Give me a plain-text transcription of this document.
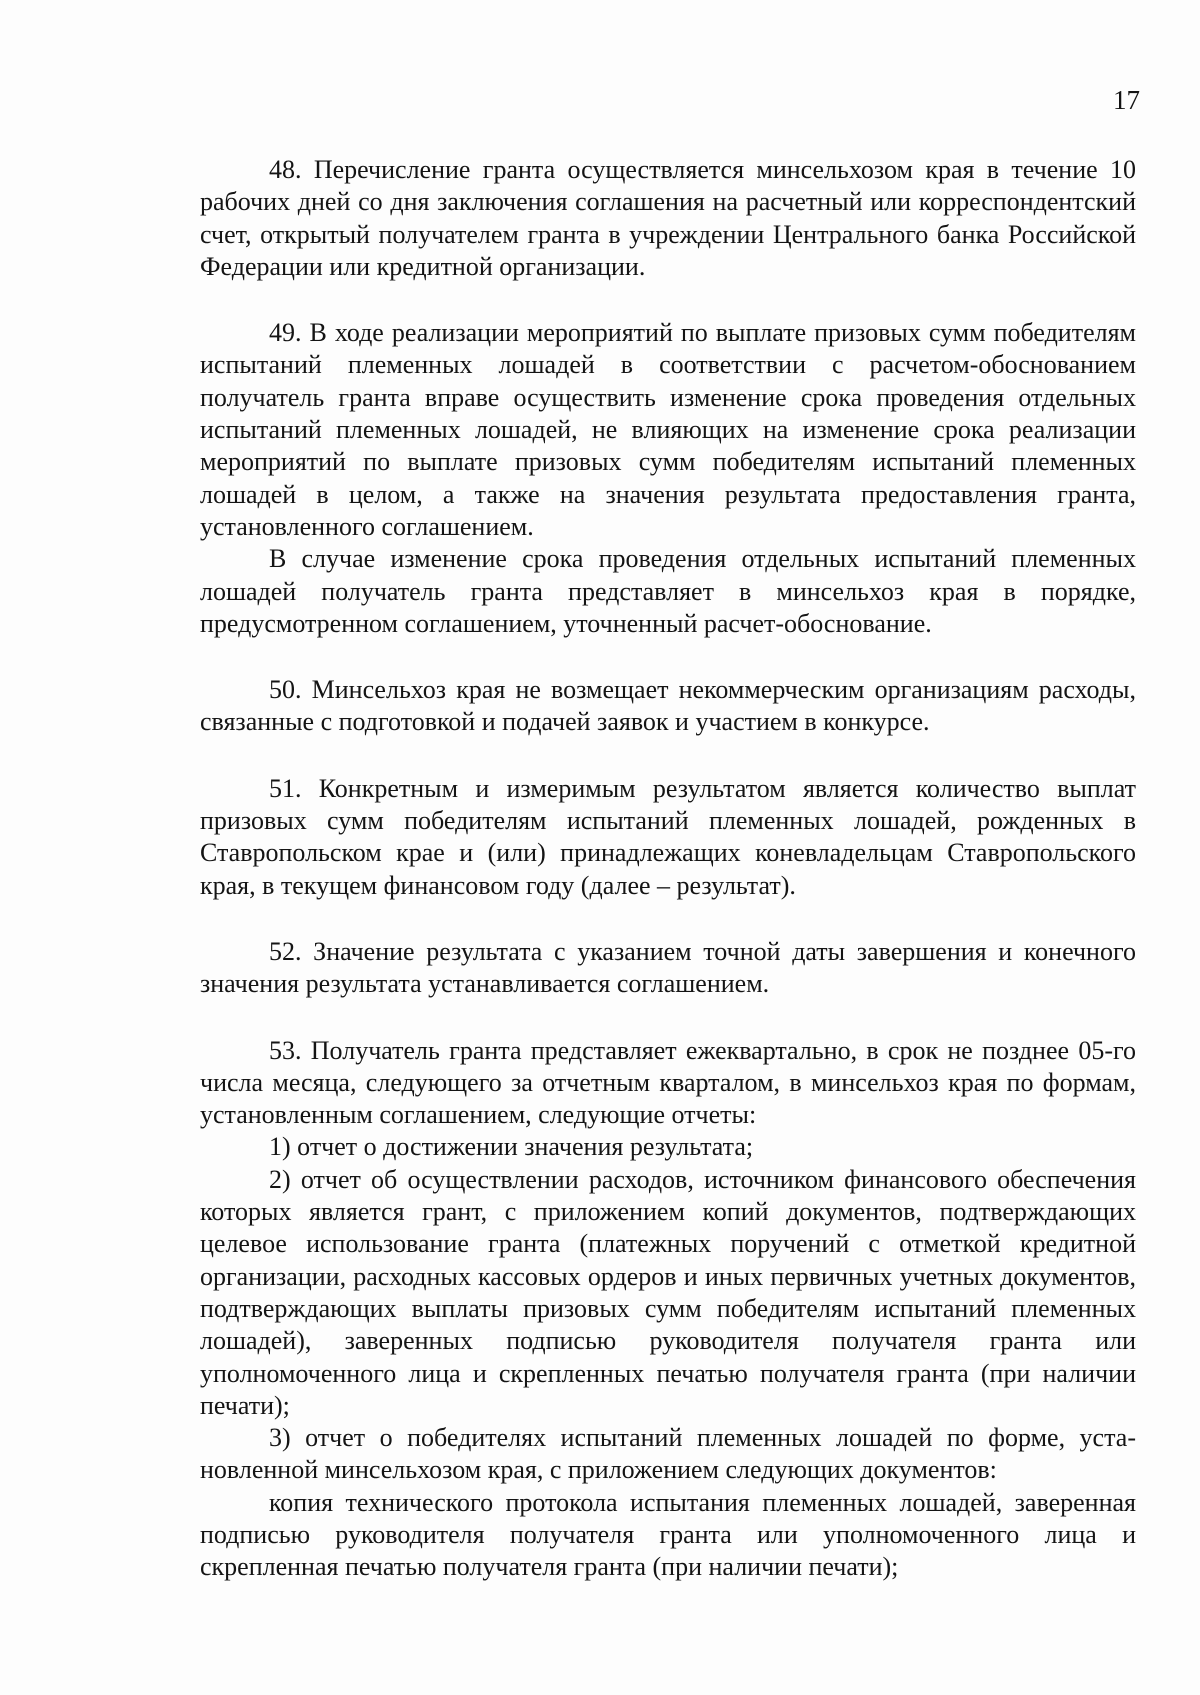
17

48. Перечисление гранта осуществляется минсельхозом края в течение 10 рабочих дней со дня заключения соглашения на расчетный или корреспондентский счет, открытый получателем гранта в учреждении Центрального банка Российской Федерации или кредитной организации.

49. В ходе реализации мероприятий по выплате призовых сумм победителям испытаний племенных лошадей в соответствии с расчетом-обоснованием получатель гранта вправе осуществить изменение срока проведения отдельных испытаний племенных лошадей, не влияющих на изменение срока реализации мероприятий по выплате призовых сумм победителям испытаний племенных лошадей в целом, а также на значения результата предоставления гранта, установленного соглашением.

В случае изменение срока проведения отдельных испытаний племенных лошадей получатель гранта представляет в минсельхоз края в порядке, предусмотренном соглашением, уточненный расчет-обоснование.

50. Минсельхоз края не возмещает некоммерческим организациям расходы, связанные с подготовкой и подачей заявок и участием в конкурсе.

51. Конкретным и измеримым результатом является количество выплат призовых сумм победителям испытаний племенных лошадей, рожденных в Ставропольском крае и (или) принадлежащих коневладельцам Ставропольского края, в текущем финансовом году (далее – результат).

52. Значение результата с указанием точной даты завершения и конечного значения результата устанавливается соглашением.

53. Получатель гранта представляет ежеквартально, в срок не позднее 05-го числа месяца, следующего за отчетным кварталом, в минсельхоз края по формам, установленным соглашением, следующие отчеты:

1) отчет о достижении значения результата;

2) отчет об осуществлении расходов, источником финансового обеспечения которых является грант, с приложением копий документов, подтверждающих целевое использование гранта (платежных поручений с отметкой кредитной организации, расходных кассовых ордеров и иных первичных учетных документов, подтверждающих выплаты призовых сумм победителям испытаний племенных лошадей), заверенных подписью руководителя получателя гранта или уполномоченного лица и скрепленных печатью получателя гранта (при наличии печати);

3) отчет о победителях испытаний племенных лошадей по форме, установленной минсельхозом края, с приложением следующих документов:

копия технического протокола испытания племенных лошадей, заверенная подписью руководителя получателя гранта или уполномоченного лица и скрепленная печатью получателя гранта (при наличии печати);
